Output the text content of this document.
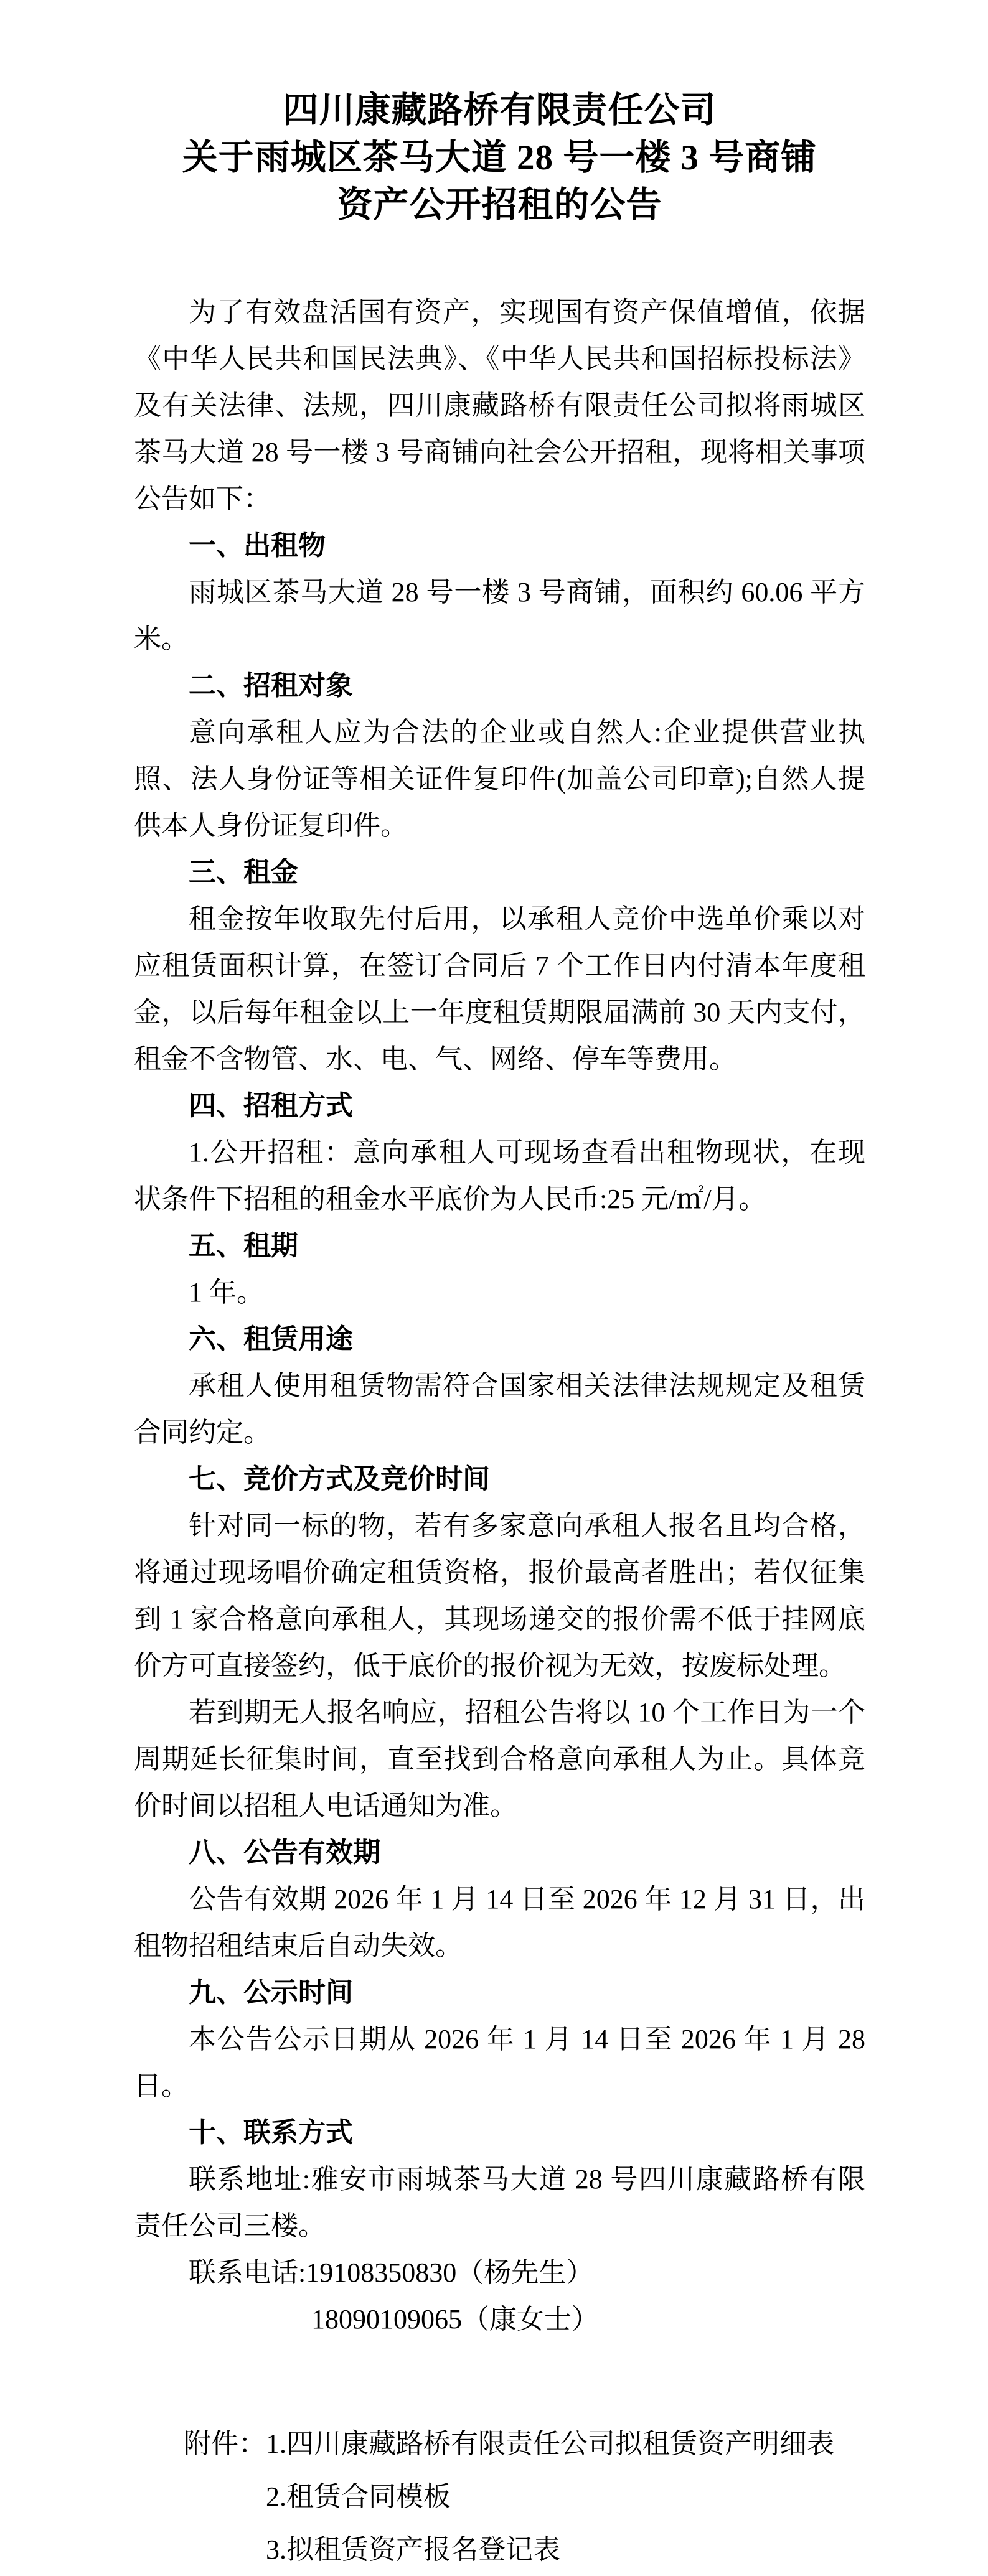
四川康藏路桥有限责任公司
关于雨城区茶马大道 28 号一楼 3 号商铺
资产公开招租的公告

为了有效盘活国有资产，实现国有资产保值增值，依据《中华人民共和国民法典》、《中华人民共和国招标投标法》及有关法律、法规，四川康藏路桥有限责任公司拟将雨城区茶马大道 28 号一楼 3 号商铺向社会公开招租，现将相关事项公告如下：

一、出租物

雨城区茶马大道 28 号一楼 3 号商铺，面积约 60.06 平方米。

二、招租对象

意向承租人应为合法的企业或自然人:企业提供营业执照、法人身份证等相关证件复印件(加盖公司印章);自然人提供本人身份证复印件。

三、租金

租金按年收取先付后用，以承租人竞价中选单价乘以对应租赁面积计算，在签订合同后 7 个工作日内付清本年度租金，以后每年租金以上一年度租赁期限届满前 30 天内支付，租金不含物管、水、电、气、网络、停车等费用。

四、招租方式

1.公开招租：意向承租人可现场查看出租物现状，在现状条件下招租的租金水平底价为人民币:25 元/㎡/月。

五、租期

1 年。

六、租赁用途

承租人使用租赁物需符合国家相关法律法规规定及租赁合同约定。

七、竞价方式及竞价时间

针对同一标的物，若有多家意向承租人报名且均合格，将通过现场唱价确定租赁资格，报价最高者胜出；若仅征集到 1 家合格意向承租人，其现场递交的报价需不低于挂网底价方可直接签约，低于底价的报价视为无效，按废标处理。

若到期无人报名响应，招租公告将以 10 个工作日为一个周期延长征集时间，直至找到合格意向承租人为止。具体竞价时间以招租人电话通知为准。

八、公告有效期

公告有效期 2026 年 1 月 14 日至 2026 年 12 月 31 日，出租物招租结束后自动失效。

九、公示时间

本公告公示日期从 2026 年 1 月 14 日至 2026 年 1 月 28 日。

十、联系方式

联系地址:雅安市雨城茶马大道 28 号四川康藏路桥有限责任公司三楼。

联系电话:19108350830（杨先生）

18090109065（康女士）

附件： 1.四川康藏路桥有限责任公司拟租赁资产明细表
2.租赁合同模板
3.拟租赁资产报名登记表
